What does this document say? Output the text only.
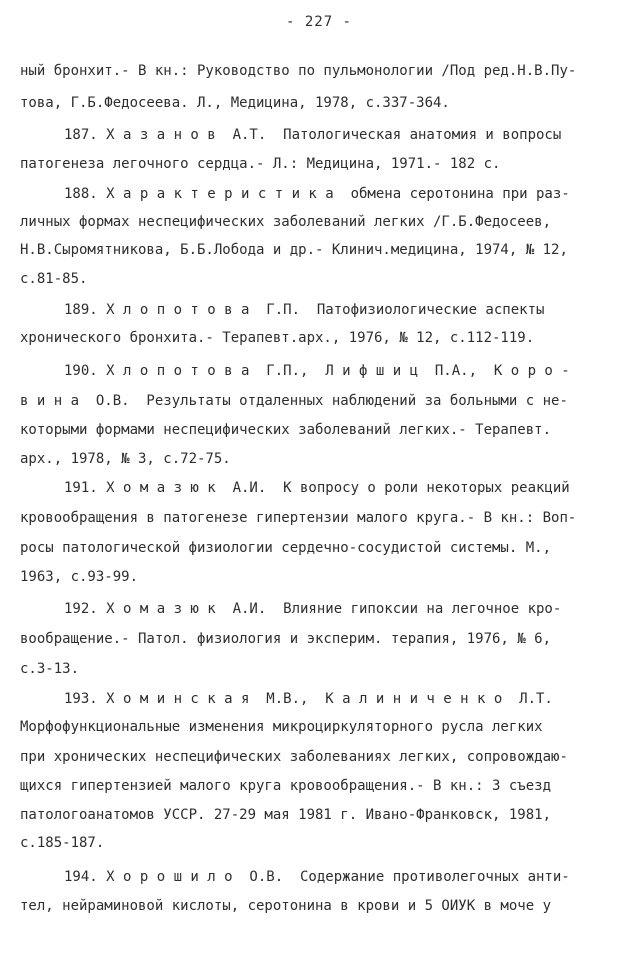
- 227 -
ный бронхит.- В кн.: Руководство по пульмонологии /Под ред.Н.В.Пу-
това, Г.Б.Федосеева. Л., Медицина, 1978, с.337-364.
187. Х а з а н о в  А.Т.  Патологическая анатомия и вопросы
патогенеза легочного сердца.- Л.: Медицина, 1971.- 182 с.
188. Х а р а к т е р и с т и к а  обмена серотонина при раз-
личных формах неспецифических заболеваний легких /Г.Б.Федосеев,
Н.В.Сыромятникова, Б.Б.Лобода и др.- Клинич.медицина, 1974, № 12,
с.81-85.
189. Х л о п о т о в а  Г.П.  Патофизиологические аспекты
хронического бронхита.- Терапевт.арх., 1976, № 12, с.112-119.
190. Х л о п о т о в а  Г.П.,  Л и ф ш и ц  П.А.,  К о р о -
в и н а  О.В.  Результаты отдаленных наблюдений за больными с не-
которыми формами неспецифических заболеваний легких.- Терапевт.
арх., 1978, № 3, с.72-75.
191. Х о м а з ю к  А.И.  К вопросу о роли некоторых реакций
кровообращения в патогенезе гипертензии малого круга.- В кн.: Воп-
росы патологической физиологии сердечно-сосудистой системы. М.,
1963, с.93-99.
192. Х о м а з ю к  А.И.  Влияние гипоксии на легочное кро-
вообращение.- Патол. физиология и эксперим. терапия, 1976, № 6,
с.3-13.
193. Х о м и н с к а я  М.В.,  К а л и н и ч е н к о  Л.Т.
Морфофункциональные изменения микроциркуляторного русла легких
при хронических неспецифических заболеваниях легких, сопровождаю-
щихся гипертензией малого круга кровообращения.- В кн.: 3 съезд
патологоанатомов УССР. 27-29 мая 1981 г. Ивано-Франковск, 1981,
с.185-187.
194. Х о р о ш и л о  О.В.  Содержание противолегочных анти-
тел, нейраминовой кислоты, серотонина в крови и 5 ОИУК в моче у
